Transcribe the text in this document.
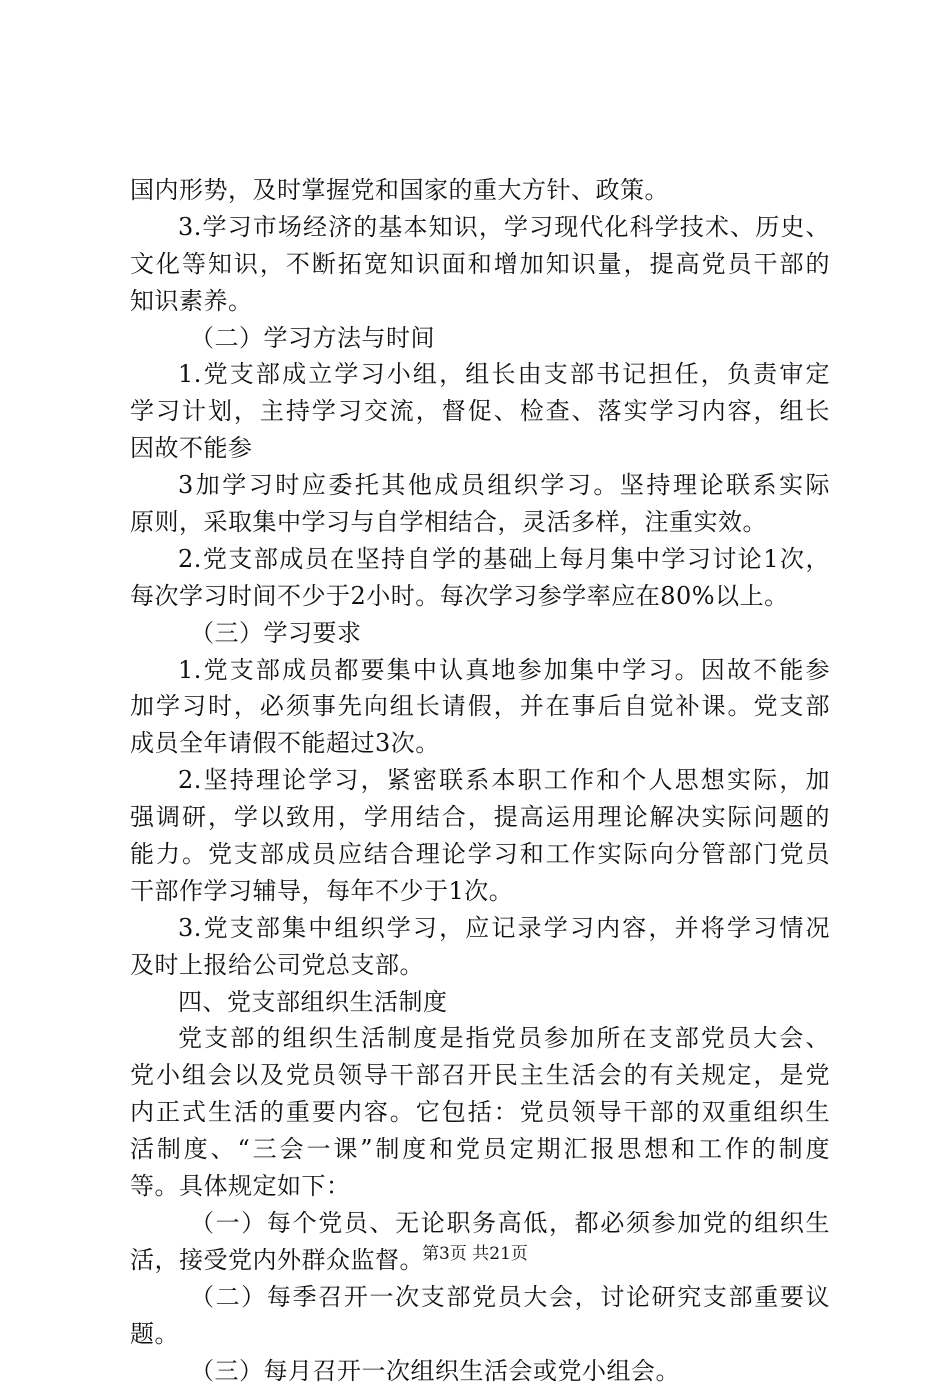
国内形势，及时掌握党和国家的重大方针、政策。
3.学习市场经济的基本知识，学习现代化科学技术、历史、
文化等知识，不断拓宽知识面和增加知识量，提高党员干部的
知识素养。
（二）学习方法与时间
1.党支部成立学习小组，组长由支部书记担任，负责审定
学习计划，主持学习交流，督促、检查、落实学习内容，组长
因故不能参
3加学习时应委托其他成员组织学习。坚持理论联系实际
原则，采取集中学习与自学相结合，灵活多样，注重实效。
2.党支部成员在坚持自学的基础上每月集中学习讨论1次，
每次学习时间不少于2小时。每次学习参学率应在80%以上。
（三）学习要求
1.党支部成员都要集中认真地参加集中学习。因故不能参
加学习时，必须事先向组长请假，并在事后自觉补课。党支部
成员全年请假不能超过3次。
2.坚持理论学习，紧密联系本职工作和个人思想实际，加
强调研，学以致用，学用结合，提高运用理论解决实际问题的
能力。党支部成员应结合理论学习和工作实际向分管部门党员
干部作学习辅导，每年不少于1次。
3.党支部集中组织学习，应记录学习内容，并将学习情况
及时上报给公司党总支部。
四、党支部组织生活制度
党支部的组织生活制度是指党员参加所在支部党员大会、
党小组会以及党员领导干部召开民主生活会的有关规定，是党
内正式生活的重要内容。它包括：党员领导干部的双重组织生
活制度、“三会一课”制度和党员定期汇报思想和工作的制度
等。具体规定如下：
（一）每个党员、无论职务高低，都必须参加党的组织生
活，接受党内外群众监督。
（二）每季召开一次支部党员大会，讨论研究支部重要议
题。
（三）每月召开一次组织生活会或党小组会。
第3页 共21页
